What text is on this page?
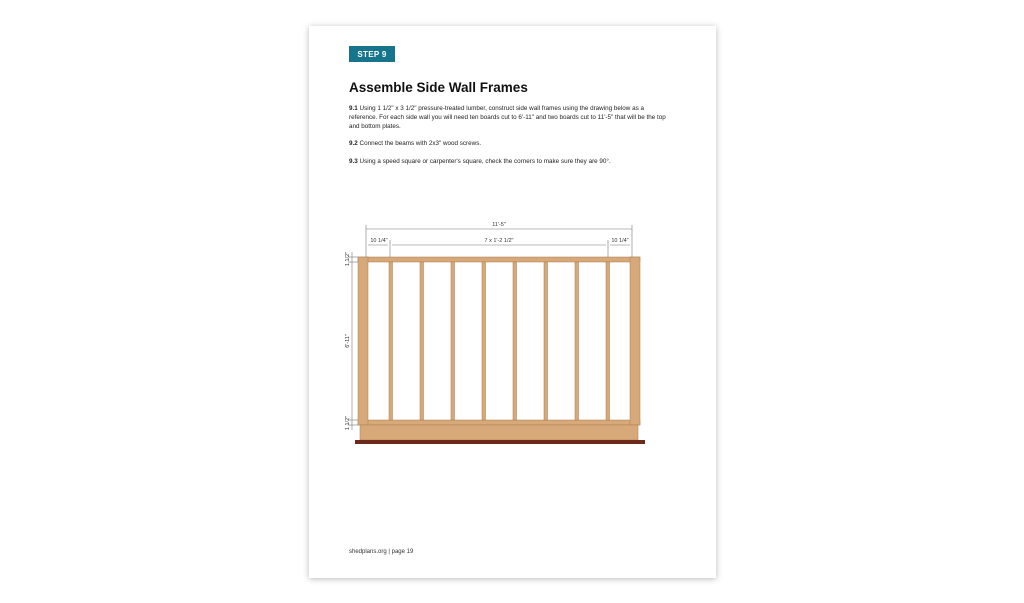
STEP 9
Assemble Side Wall Frames
9.1 Using 1 1/2" x 3 1/2" pressure-treated lumber, construct side wall frames using the drawing below as a reference. For each side wall you will need ten boards cut to 6'-11" and two boards cut to 11'-5" that will be the top and bottom plates.
9.2 Connect the beams with 2x3" wood screws.
9.3 Using a speed square or carpenter's square, check the corners to make sure they are 90°.
11'-5"
10 1/4"	7 x 1'-2 1/2"	10 1/4"
1 1/2"
6'-11"
1 1/2"
shedplans.org | page 19
